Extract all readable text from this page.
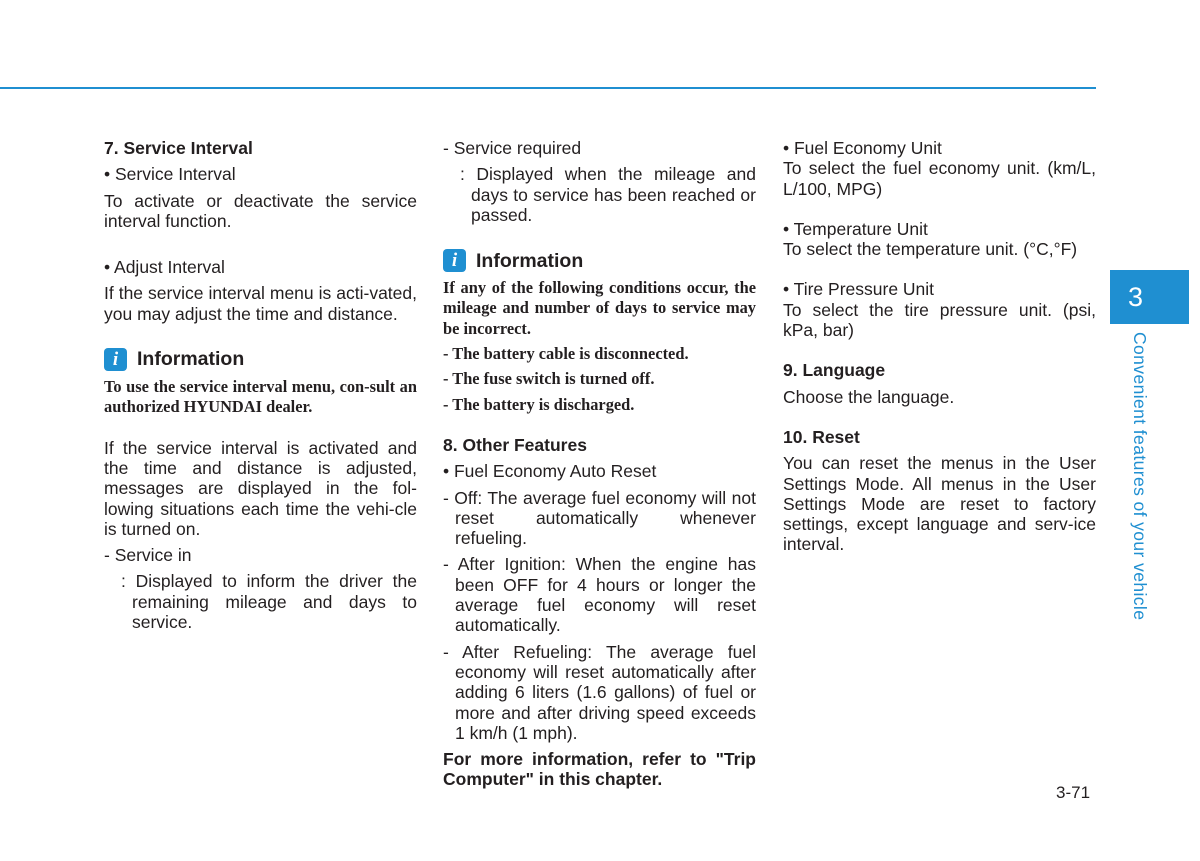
7. Service Interval

• Service Interval

To activate or deactivate the service interval function.

• Adjust Interval

If the service interval menu is acti-vated, you may adjust the time and distance.

i Information

To use the service interval menu, con-sult an authorized HYUNDAI dealer.

If the service interval is activated and the time and distance is adjusted, messages are displayed in the fol-lowing situations each time the vehi-cle is turned on.

- Service in

: Displayed to inform the driver the remaining mileage and days to service.

- Service required

: Displayed when the mileage and days to service has been reached or passed.

i Information

If any of the following conditions occur, the mileage and number of days to service may be incorrect.

- The battery cable is disconnected.

- The fuse switch is turned off.

- The battery is discharged.

8. Other Features

• Fuel Economy Auto Reset

- Off: The average fuel economy will not reset automatically whenever refueling.

- After Ignition: When the engine has been OFF for 4 hours or longer the average fuel economy will reset automatically.

- After Refueling: The average fuel economy will reset automatically after adding 6 liters (1.6 gallons) of fuel or more and after driving speed exceeds 1 km/h (1 mph).

For more information, refer to "Trip Computer" in this chapter.

• Fuel Economy Unit

To select the fuel economy unit. (km/L, L/100, MPG)

• Temperature Unit

To select the temperature unit. (°C,°F)

• Tire Pressure Unit

To select the tire pressure unit. (psi, kPa, bar)

9. Language

Choose the language.

10. Reset

You can reset the menus in the User Settings Mode. All menus in the User Settings Mode are reset to factory settings, except language and serv-ice interval.

3
Convenient features of your vehicle
3-71
